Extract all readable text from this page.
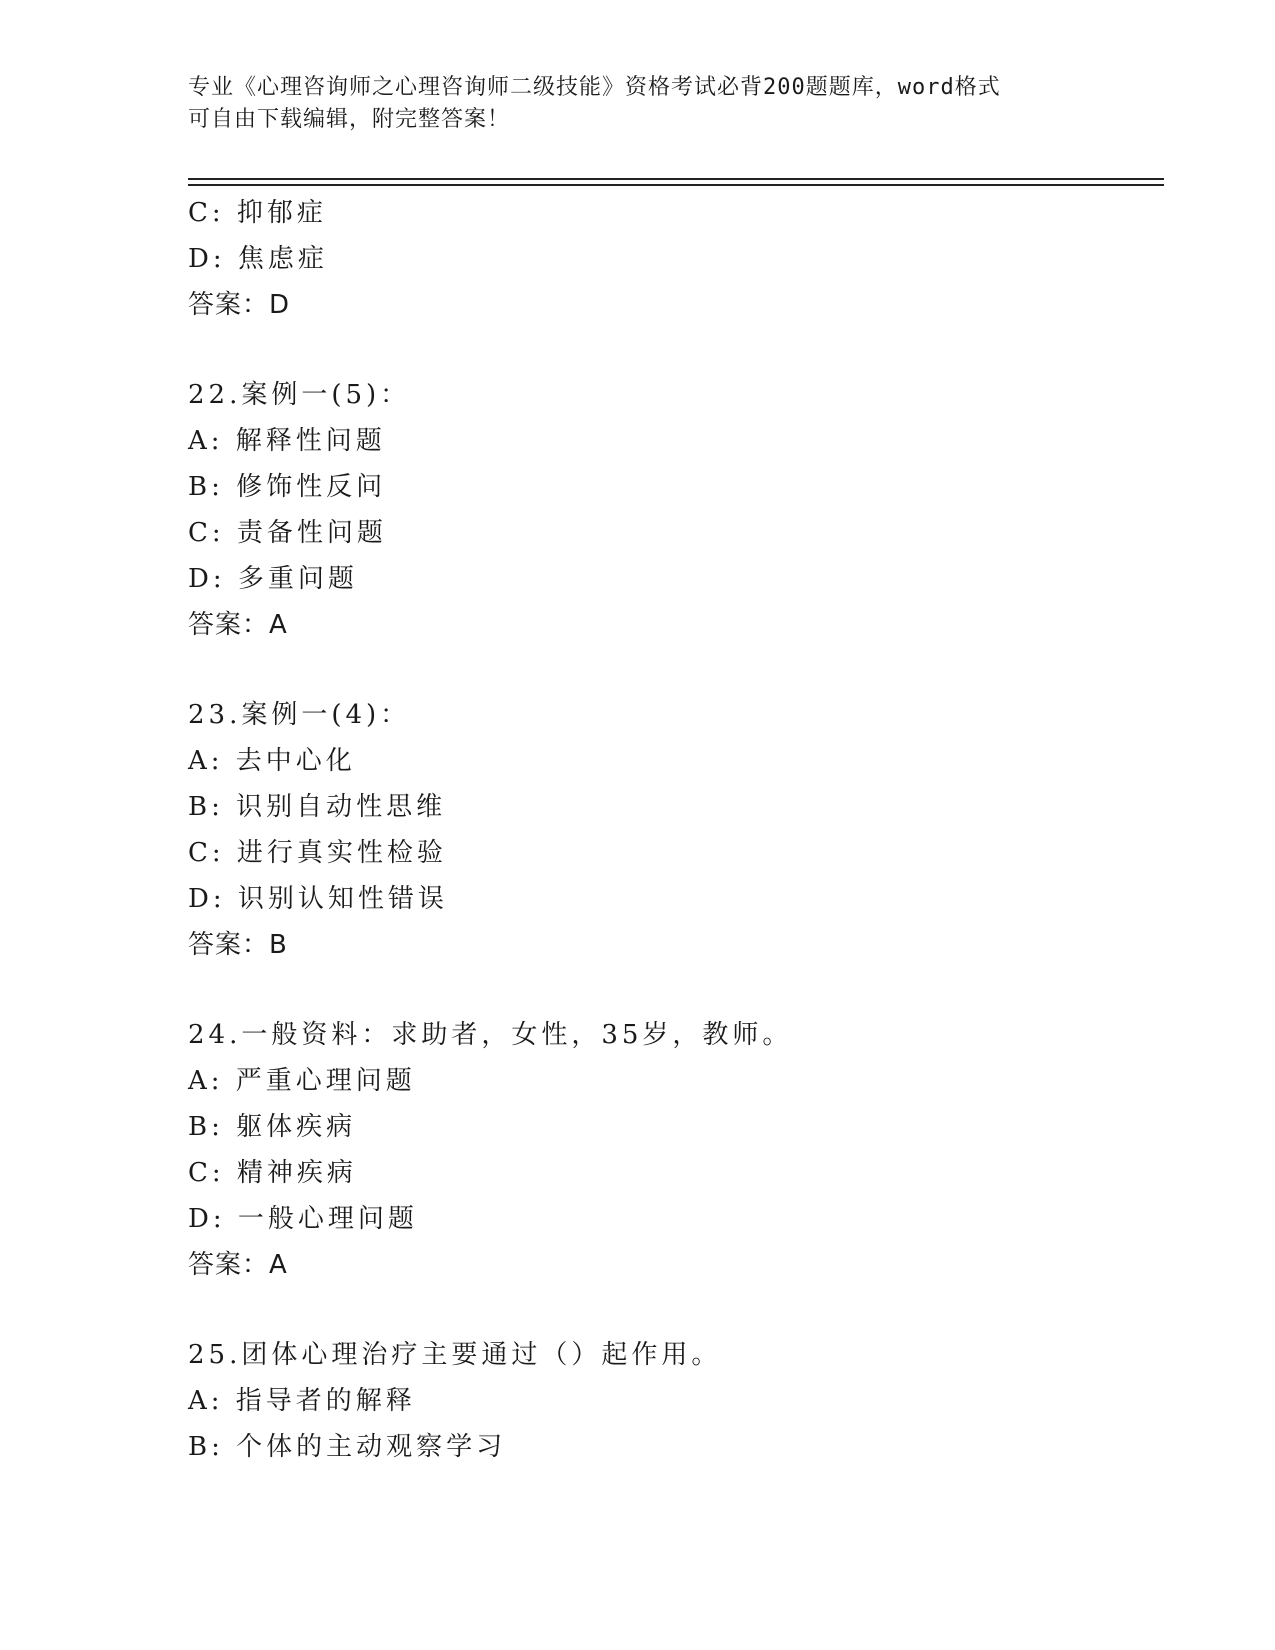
专业《心理咨询师之心理咨询师二级技能》资格考试必背200题题库，word格式
可自由下载编辑，附完整答案！
C: 抑郁症
D: 焦虑症
答案：D
22.案例一(5)：
A: 解释性问题
B: 修饰性反问
C: 责备性问题
D: 多重问题
答案：A
23.案例一(4)：
A: 去中心化
B: 识别自动性思维
C: 进行真实性检验
D: 识别认知性错误
答案：B
24.一般资料：求助者，女性，35岁，教师。
A: 严重心理问题
B: 躯体疾病
C: 精神疾病
D: 一般心理问题
答案：A
25.团体心理治疗主要通过（）起作用。
A: 指导者的解释
B: 个体的主动观察学习
